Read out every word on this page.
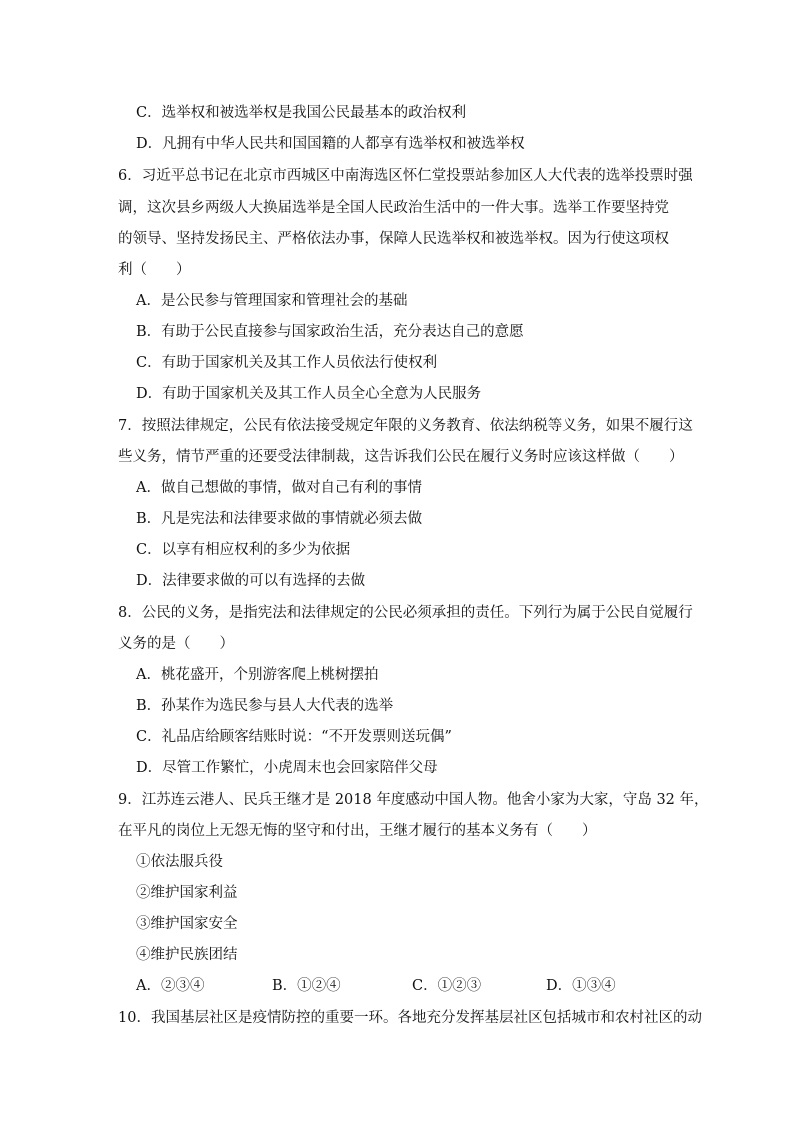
C．选举权和被选举权是我国公民最基本的政治权利
D．凡拥有中华人民共和国国籍的人都享有选举权和被选举权
6．习近平总书记在北京市西城区中南海选区怀仁堂投票站参加区人大代表的选举投票时强
调，这次县乡两级人大换届选举是全国人民政治生活中的一件大事。选举工作要坚持党
的领导、坚持发扬民主、严格依法办事，保障人民选举权和被选举权。因为行使这项权
利（　　）
A．是公民参与管理国家和管理社会的基础
B．有助于公民直接参与国家政治生活，充分表达自己的意愿
C．有助于国家机关及其工作人员依法行使权利
D．有助于国家机关及其工作人员全心全意为人民服务
7．按照法律规定，公民有依法接受规定年限的义务教育、依法纳税等义务，如果不履行这
些义务，情节严重的还要受法律制裁，这告诉我们公民在履行义务时应该这样做（　　）
A．做自己想做的事情，做对自己有利的事情
B．凡是宪法和法律要求做的事情就必须去做
C．以享有相应权利的多少为依据
D．法律要求做的可以有选择的去做
8．公民的义务，是指宪法和法律规定的公民必须承担的责任。下列行为属于公民自觉履行
义务的是（　　）
A．桃花盛开，个别游客爬上桃树摆拍
B．孙某作为选民参与县人大代表的选举
C．礼品店给顾客结账时说：“不开发票则送玩偶”
D．尽管工作繁忙，小虎周末也会回家陪伴父母
9．江苏连云港人、民兵王继才是 2018 年度感动中国人物。他舍小家为大家，守岛 32 年，
在平凡的岗位上无怨无悔的坚守和付出，王继才履行的基本义务有（　　）
①依法服兵役
②维护国家利益
③维护国家安全
④维护民族团结
A．②③④	B．①②④	C．①②③	D．①③④
10．我国基层社区是疫情防控的重要一环。各地充分发挥基层社区包括城市和农村社区的动
